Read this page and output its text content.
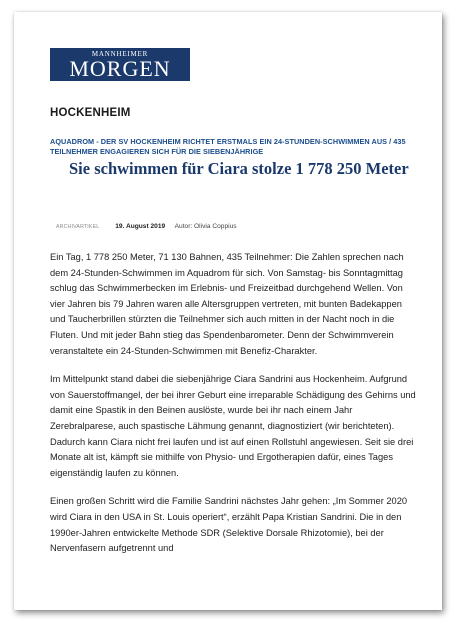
MANNHEIMER
MORGEN
HOCKENHEIM
AQUADROM - DER SV HOCKENHEIM RICHTET ERSTMALS EIN 24-STUNDEN-SCHWIMMEN AUS / 435 TEILNEHMER ENGAGIEREN SICH FÜR DIE SIEBENJÄHRIGE
Sie schwimmen für Ciara stolze 1 778 250 Meter
ARCHIVARTIKEL 19. August 2019 Autor: Olivia Coppius

Ein Tag, 1 778 250 Meter, 71 130 Bahnen, 435 Teilnehmer: Die Zahlen sprechen nach dem 24-Stunden-Schwimmen im Aquadrom für sich. Von Samstag- bis Sonntagmittag schlug das Schwimmerbecken im Erlebnis- und Freizeitbad durchgehend Wellen. Von vier Jahren bis 79 Jahren waren alle Altersgruppen vertreten, mit bunten Badekappen und Taucherbrillen stürzten die Teilnehmer sich auch mitten in der Nacht noch in die Fluten. Und mit jeder Bahn stieg das Spendenbarometer. Denn der Schwimmverein veranstaltete ein 24-Stunden-Schwimmen mit Benefiz-Charakter.

Im Mittelpunkt stand dabei die siebenjährige Ciara Sandrini aus Hockenheim. Aufgrund von Sauerstoffmangel, der bei ihrer Geburt eine irreparable Schädigung des Gehirns und damit eine Spastik in den Beinen auslöste, wurde bei ihr nach einem Jahr Zerebralparese, auch spastische Lähmung genannt, diagnostiziert (wir berichteten). Dadurch kann Ciara nicht frei laufen und ist auf einen Rollstuhl angewiesen. Seit sie drei Monate alt ist, kämpft sie mithilfe von Physio- und Ergotherapien dafür, eines Tages eigenständig laufen zu können.

Einen großen Schritt wird die Familie Sandrini nächstes Jahr gehen: „Im Sommer 2020 wird Ciara in den USA in St. Louis operiert“, erzählt Papa Kristian Sandrini. Die in den 1990er-Jahren entwickelte Methode SDR (Selektive Dorsale Rhizotomie), bei der Nervenfasern aufgetrennt und
